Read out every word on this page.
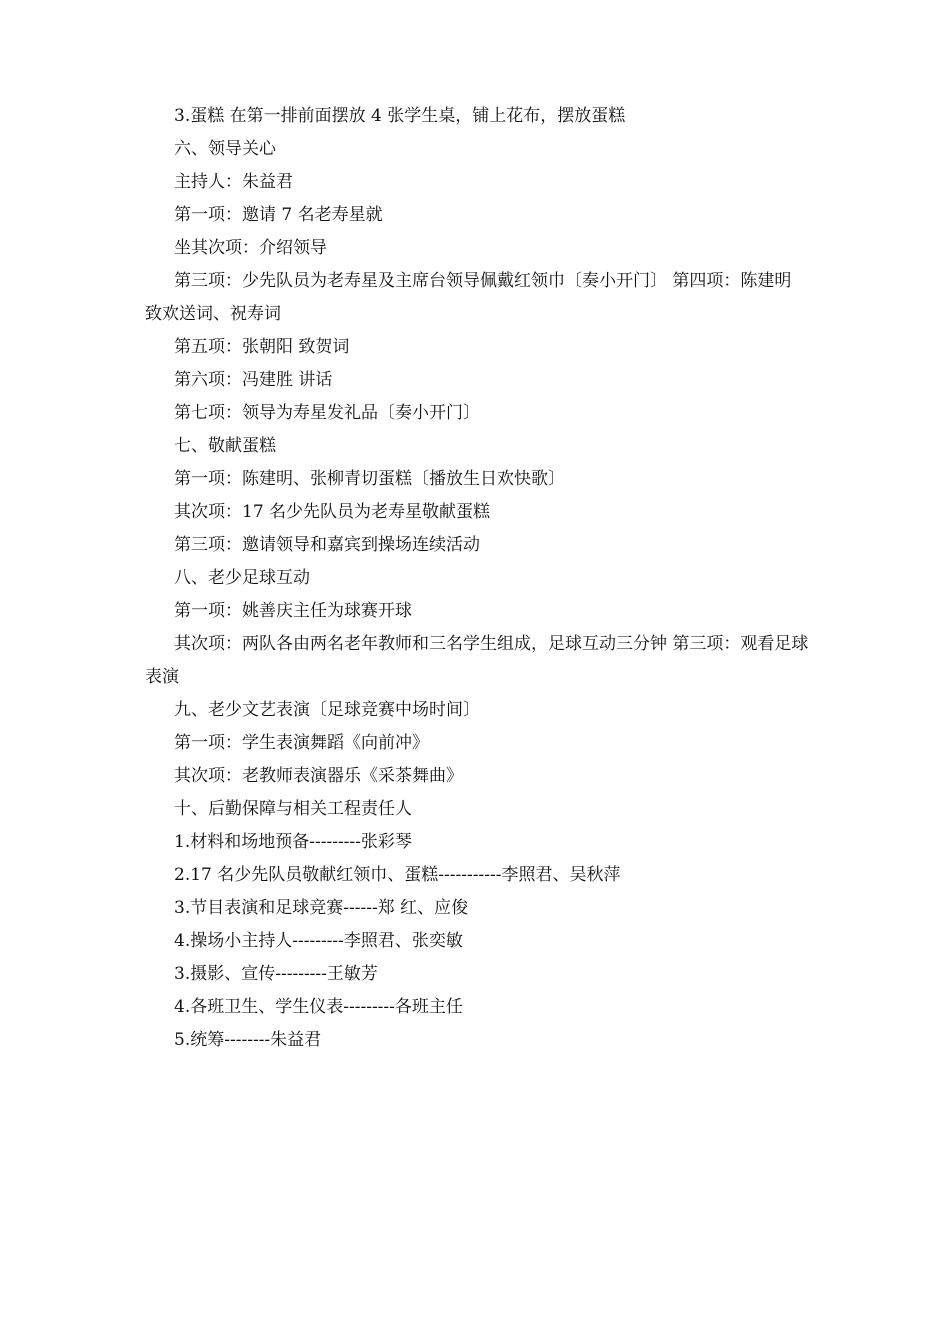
3.蛋糕 在第一排前面摆放 4 张学生桌，铺上花布，摆放蛋糕
六、领导关心
主持人：朱益君
第一项：邀请 7 名老寿星就
坐其次项：介绍领导
第三项：少先队员为老寿星及主席台领导佩戴红领巾〔奏小开门〕 第四项：陈建明 致欢送词、祝寿词
第五项：张朝阳 致贺词
第六项：冯建胜 讲话
第七项：领导为寿星发礼品〔奏小开门〕
七、敬献蛋糕
第一项：陈建明、张柳青切蛋糕〔播放生日欢快歌〕
其次项：17 名少先队员为老寿星敬献蛋糕
第三项：邀请领导和嘉宾到操场连续活动
八、老少足球互动
第一项：姚善庆主任为球赛开球
其次项：两队各由两名老年教师和三名学生组成，足球互动三分钟 第三项：观看足球表演
九、老少文艺表演〔足球竞赛中场时间〕
第一项：学生表演舞蹈《向前冲》
其次项：老教师表演器乐《采茶舞曲》
十、后勤保障与相关工程责任人
1.材料和场地预备---------张彩琴
2.17 名少先队员敬献红领巾、蛋糕-----------李照君、吴秋萍
3.节目表演和足球竞赛------郑 红、应俊
4.操场小主持人---------李照君、张奕敏
3.摄影、宣传---------王敏芳
4.各班卫生、学生仪表---------各班主任
5.统筹--------朱益君
